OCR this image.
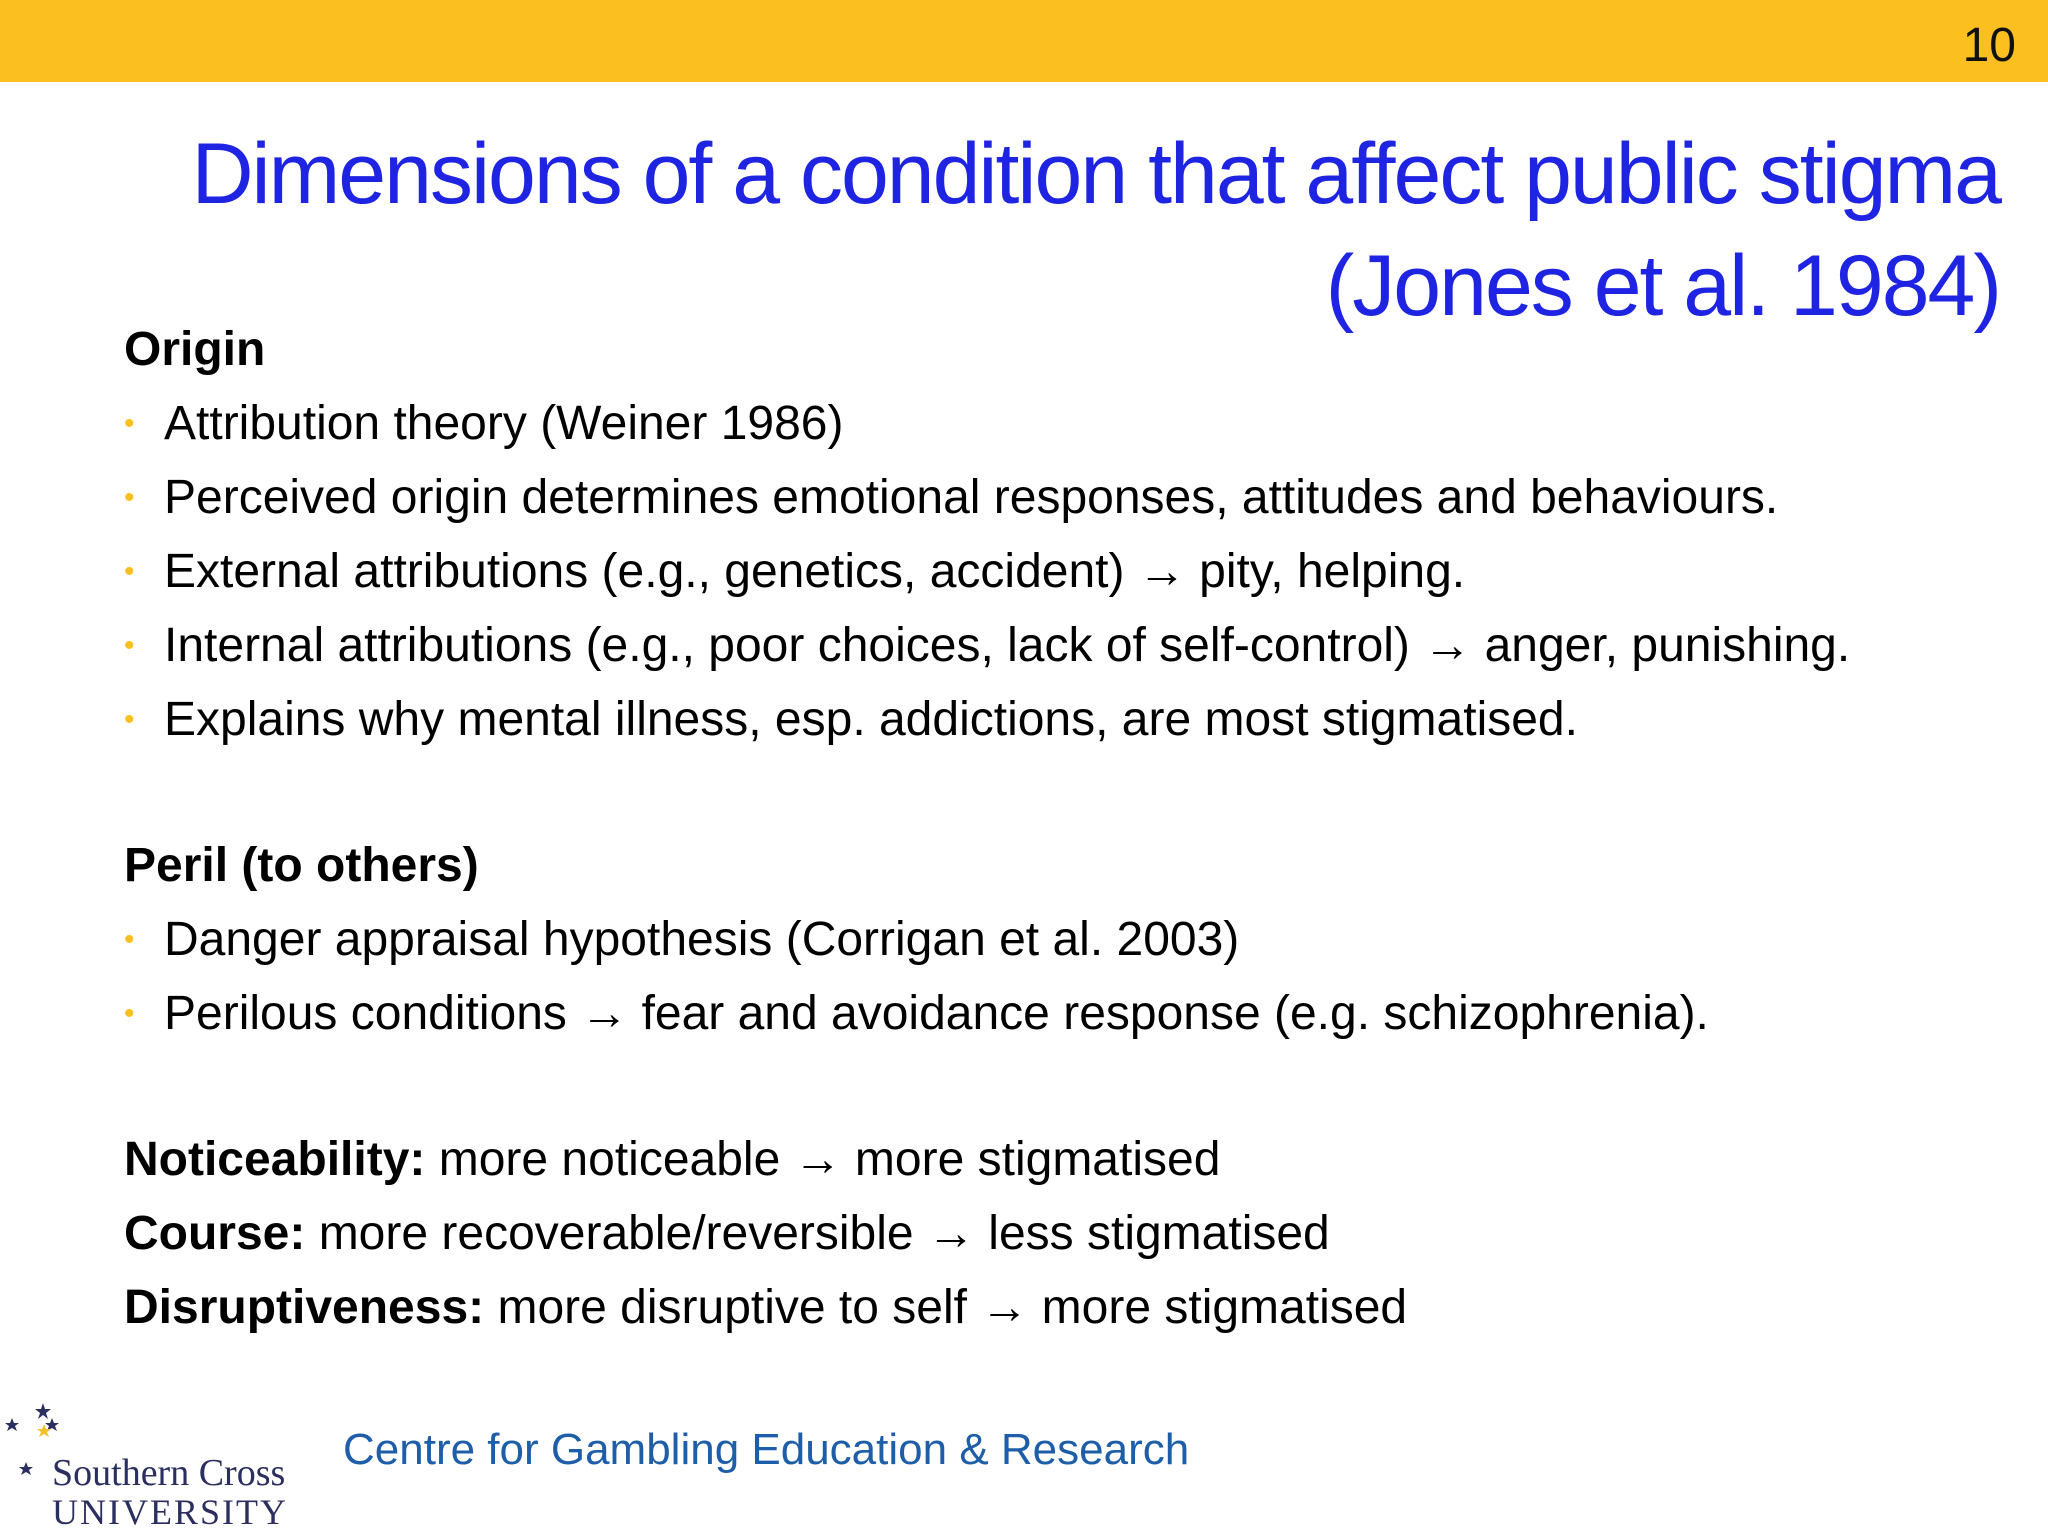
10
Dimensions of a condition that affect public stigma
(Jones et al. 1984)
Origin
• Attribution theory (Weiner 1986)
• Perceived origin determines emotional responses, attitudes and behaviours.
• External attributions (e.g., genetics, accident) → pity, helping.
• Internal attributions (e.g., poor choices, lack of self-control) → anger, punishing.
• Explains why mental illness, esp. addictions, are most stigmatised.
Peril (to others)
• Danger appraisal hypothesis (Corrigan et al. 2003)
• Perilous conditions → fear and avoidance response (e.g. schizophrenia).
Noticeability: more noticeable → more stigmatised
Course: more recoverable/reversible → less stigmatised
Disruptiveness: more disruptive to self → more stigmatised
Southern Cross
UNIVERSITY
Centre for Gambling Education & Research
